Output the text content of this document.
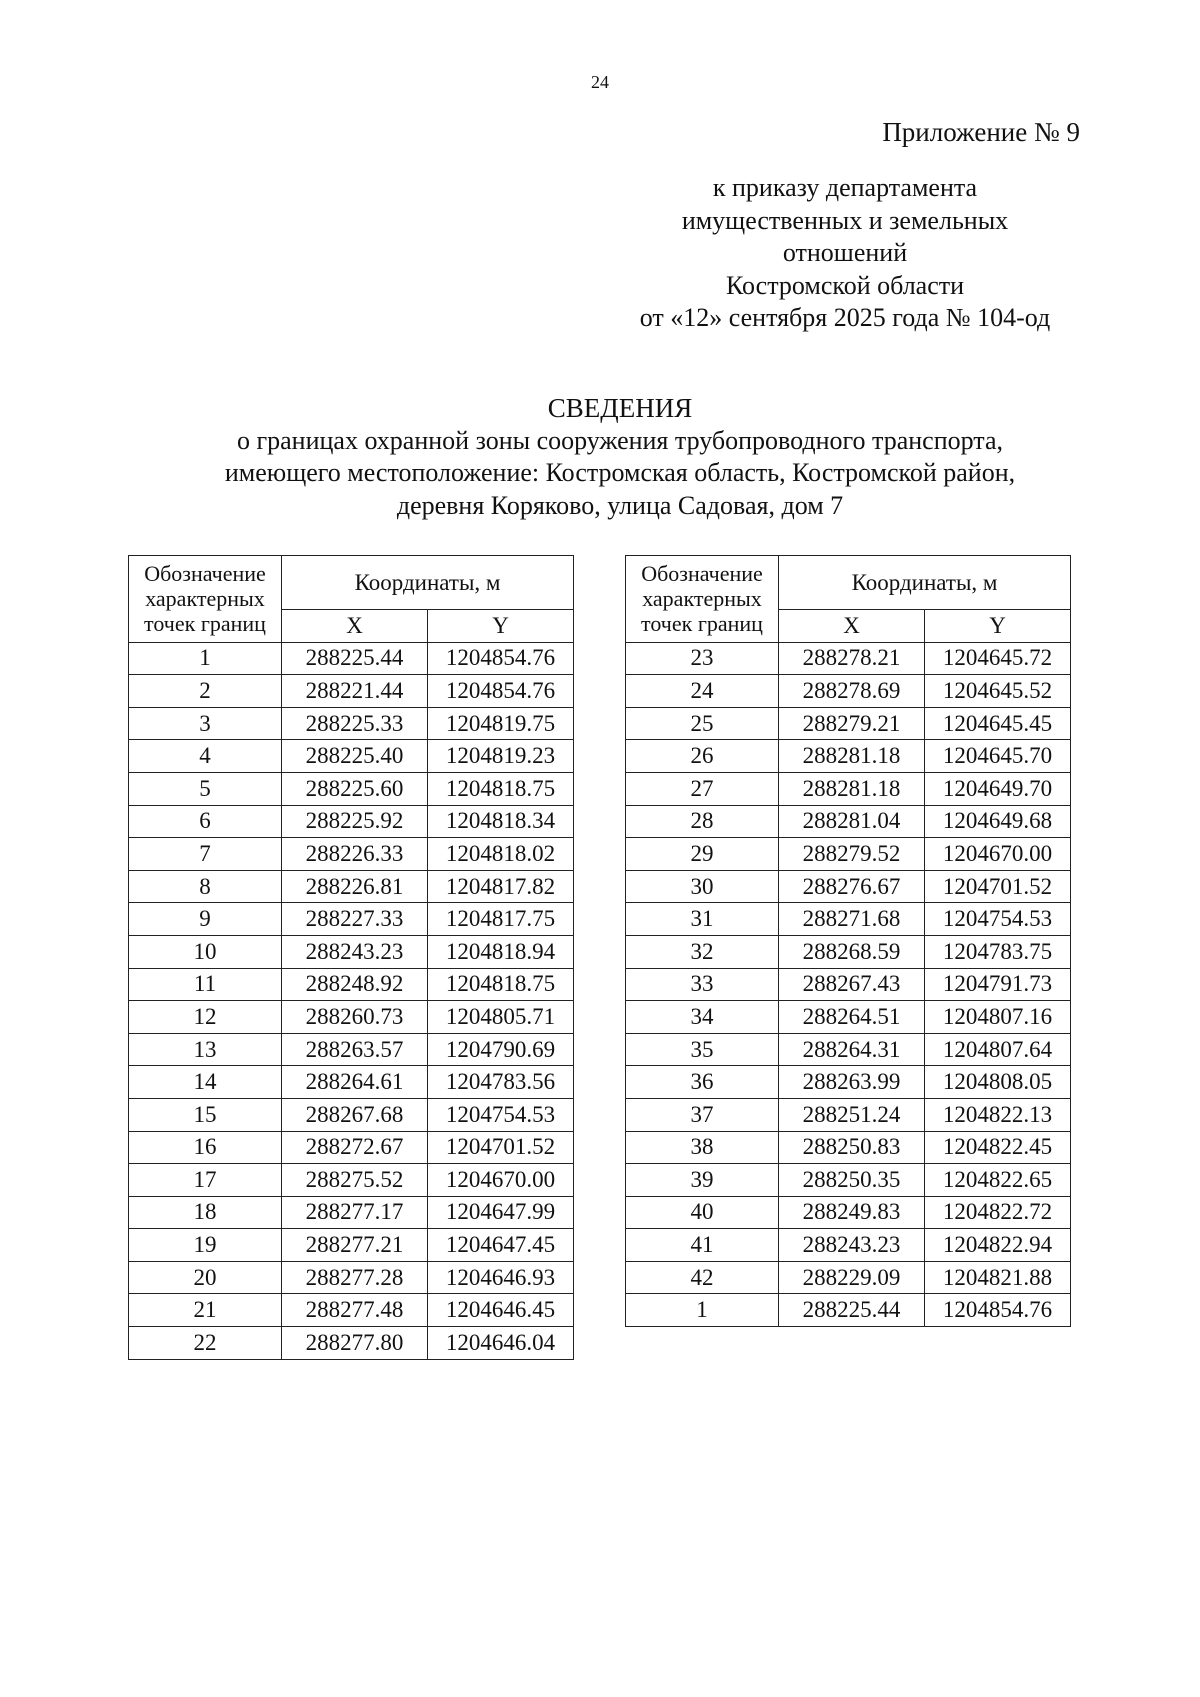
24
Приложение № 9
к приказу департамента
имущественных и земельных
отношений
Костромской области
от «12» сентября 2025 года № 104-од
СВЕДЕНИЯ
о границах охранной зоны сооружения трубопроводного транспорта,
имеющего местоположение: Костромская область, Костромской район,
деревня Коряково, улица Садовая, дом 7
Обозначение характерных точек границ	Координаты, м	
	X	Y
1	288225.44	1204854.76
2	288221.44	1204854.76
3	288225.33	1204819.75
4	288225.40	1204819.23
5	288225.60	1204818.75
6	288225.92	1204818.34
7	288226.33	1204818.02
8	288226.81	1204817.82
9	288227.33	1204817.75
10	288243.23	1204818.94
11	288248.92	1204818.75
12	288260.73	1204805.71
13	288263.57	1204790.69
14	288264.61	1204783.56
15	288267.68	1204754.53
16	288272.67	1204701.52
17	288275.52	1204670.00
18	288277.17	1204647.99
19	288277.21	1204647.45
20	288277.28	1204646.93
21	288277.48	1204646.45
22	288277.80	1204646.04
Обозначение характерных точек границ	Координаты, м	
	X	Y
23	288278.21	1204645.72
24	288278.69	1204645.52
25	288279.21	1204645.45
26	288281.18	1204645.70
27	288281.18	1204649.70
28	288281.04	1204649.68
29	288279.52	1204670.00
30	288276.67	1204701.52
31	288271.68	1204754.53
32	288268.59	1204783.75
33	288267.43	1204791.73
34	288264.51	1204807.16
35	288264.31	1204807.64
36	288263.99	1204808.05
37	288251.24	1204822.13
38	288250.83	1204822.45
39	288250.35	1204822.65
40	288249.83	1204822.72
41	288243.23	1204822.94
42	288229.09	1204821.88
1	288225.44	1204854.76
